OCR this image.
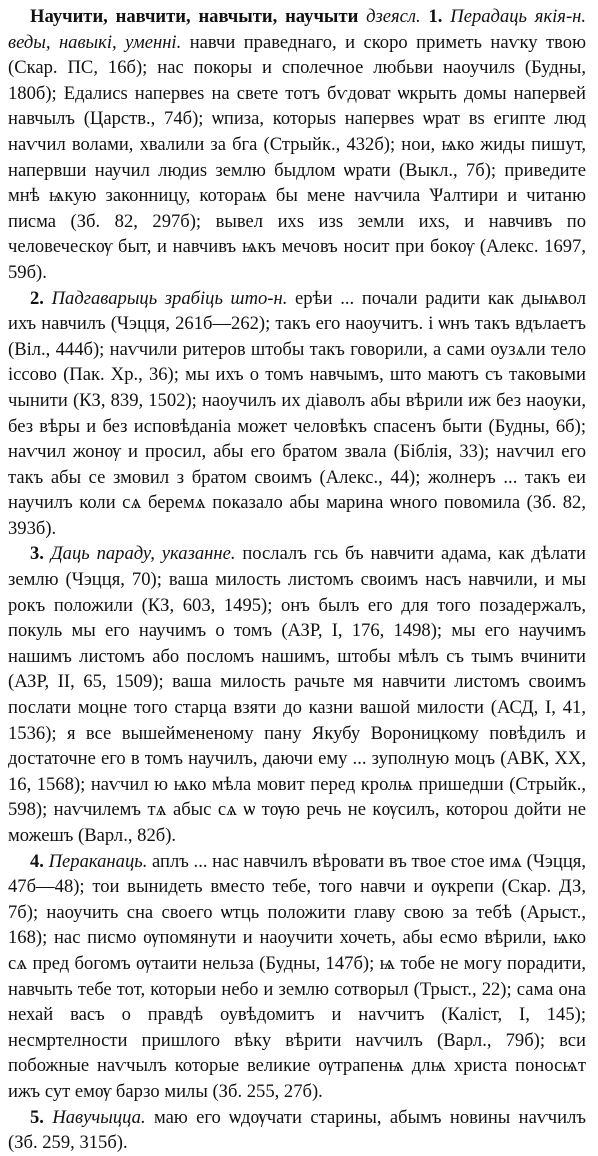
Научити, навчити, навчыти, научыти дзеясл. 1. Перадаць якія-н. веды, навыкі, уменні. навчи праведнаго, и скоро приметь наѵку твою (Скар. ПС, 16б); нас покоры и сполечное любьви наоучилѕ (Будны, 180б); Едалисѕ напервеѕ на свете тотъ бѵдоват ѡкрыть домы напервей навчылъ (Царств., 74б); ѡпиза, которыѕ напервеѕ ѡрат вѕ египте люд наѵчил волами, хвалили за бга (Стрыйк., 432б); нои, ѩко жиды пишут, напервши научил людиѕ землю быдлом ѡрати (Выкл., 7б); приведите мнѣ ѩкую законницу, котораѩ бы мене наѵчила Ѱалтири и читаню писма (Зб. 82, 297б); вывел ихѕ изѕ земли ихѕ, и навчивъ по человеческѹ быт, и навчивъ ѩкъ мечовъ носит при бокѹ (Алекс. 1697, 59б).

2. Падгаварыць зрабіць што-н. ерѣи ... почали радити как дыѩвол ихъ навчилъ (Чэцця, 261б—262); такъ его наоучитъ. і ѡнъ такъ вдълаетъ (Віл., 444б); наѵчили ритеров штобы такъ говорили, а сами оузѧли тело ісcово (Пак. Хр., 36); мы ихъ о томъ навчымъ, што маютъ съ таковыми чынити (КЗ, 839, 1502); наоучилъ их діаволъ абы вѣрили иж без наоуки, без вѣры и без исповѣданіа может человѣкъ спасенъ быти (Будны, 6б); наѵчил жонѹ и просил, абы его братом звала (Біблія, 33); наѵчил его такъ абы се змовил з братом своимъ (Алекс., 44); жолнеръ ... такъ еи научилъ коли сѧ беремѧ показало абы марина ѡного повомила (Зб. 82, 393б).

3. Даць параду, указанне. послалъ гсь бъ навчити адама, как дѣлати землю (Чэцця, 70); ваша милость листомъ своимъ насъ навчили, и мы рокъ положили (КЗ, 603, 1495); онъ былъ его для того позадержалъ, покуль мы его научимъ о томъ (АЗР, I, 176, 1498); мы его научимъ нашимъ листомъ або посломъ нашимъ, штобы мѣлъ съ тымъ вчинити (АЗР, II, 65, 1509); ваша милость рачьте мя навчити листомъ своимъ послати моцне того старца взяти до казни вашой милости (АСД, I, 41, 1536); я все вышеймененому пану Якубу Вороницкому повѣдилъ и достаточне его в томъ научилъ, даючи ему ... зуполную моцъ (АВК, XX, 16, 1568); наѵчил ю ѩко мѣла мовит перед кролѩ пришедши (Стрыйк., 598); наѵчилемъ тѧ абыс сѧ ѡ тѹю речь не кѹсилъ, котороu дойти не можешъ (Варл., 82б).

4. Пераканаць. аплъ ... нас навчилъ вѣровати въ твое стое имѧ (Чэцця, 47б—48); тои вынидеть вместо тебе, того навчи и ѹкрепи (Скар. ДЗ, 7б); наоучить сна своего ѡтць положити главу свою за тебѣ (Арыст., 168); нас писмо ѹпомянути и наоучити хочеть, абы есмо вѣрили, ѩко сѧ пред богомъ ѹтаити нельза (Будны, 147б); ѩ тобе не могу порадити, навчыть тебе тот, которыи небо и землю сотворыл (Трыст., 22); сама она нехай васъ о правдѣ оувѣдомитъ и наѵчитъ (Каліст, I, 145); несмртелности пришлого вѣку вѣрити наѵчилъ (Варл., 79б); вси побожные наѵчылъ которые великие ѹтрапенѩ длѩ христа поносѩт ижъ сут емѹ барзо милы (Зб. 255, 27б).

5. Навучыцца. маю его ѡдѹчати старины, абымъ новины наѵчилъ (Зб. 259, 315б).
